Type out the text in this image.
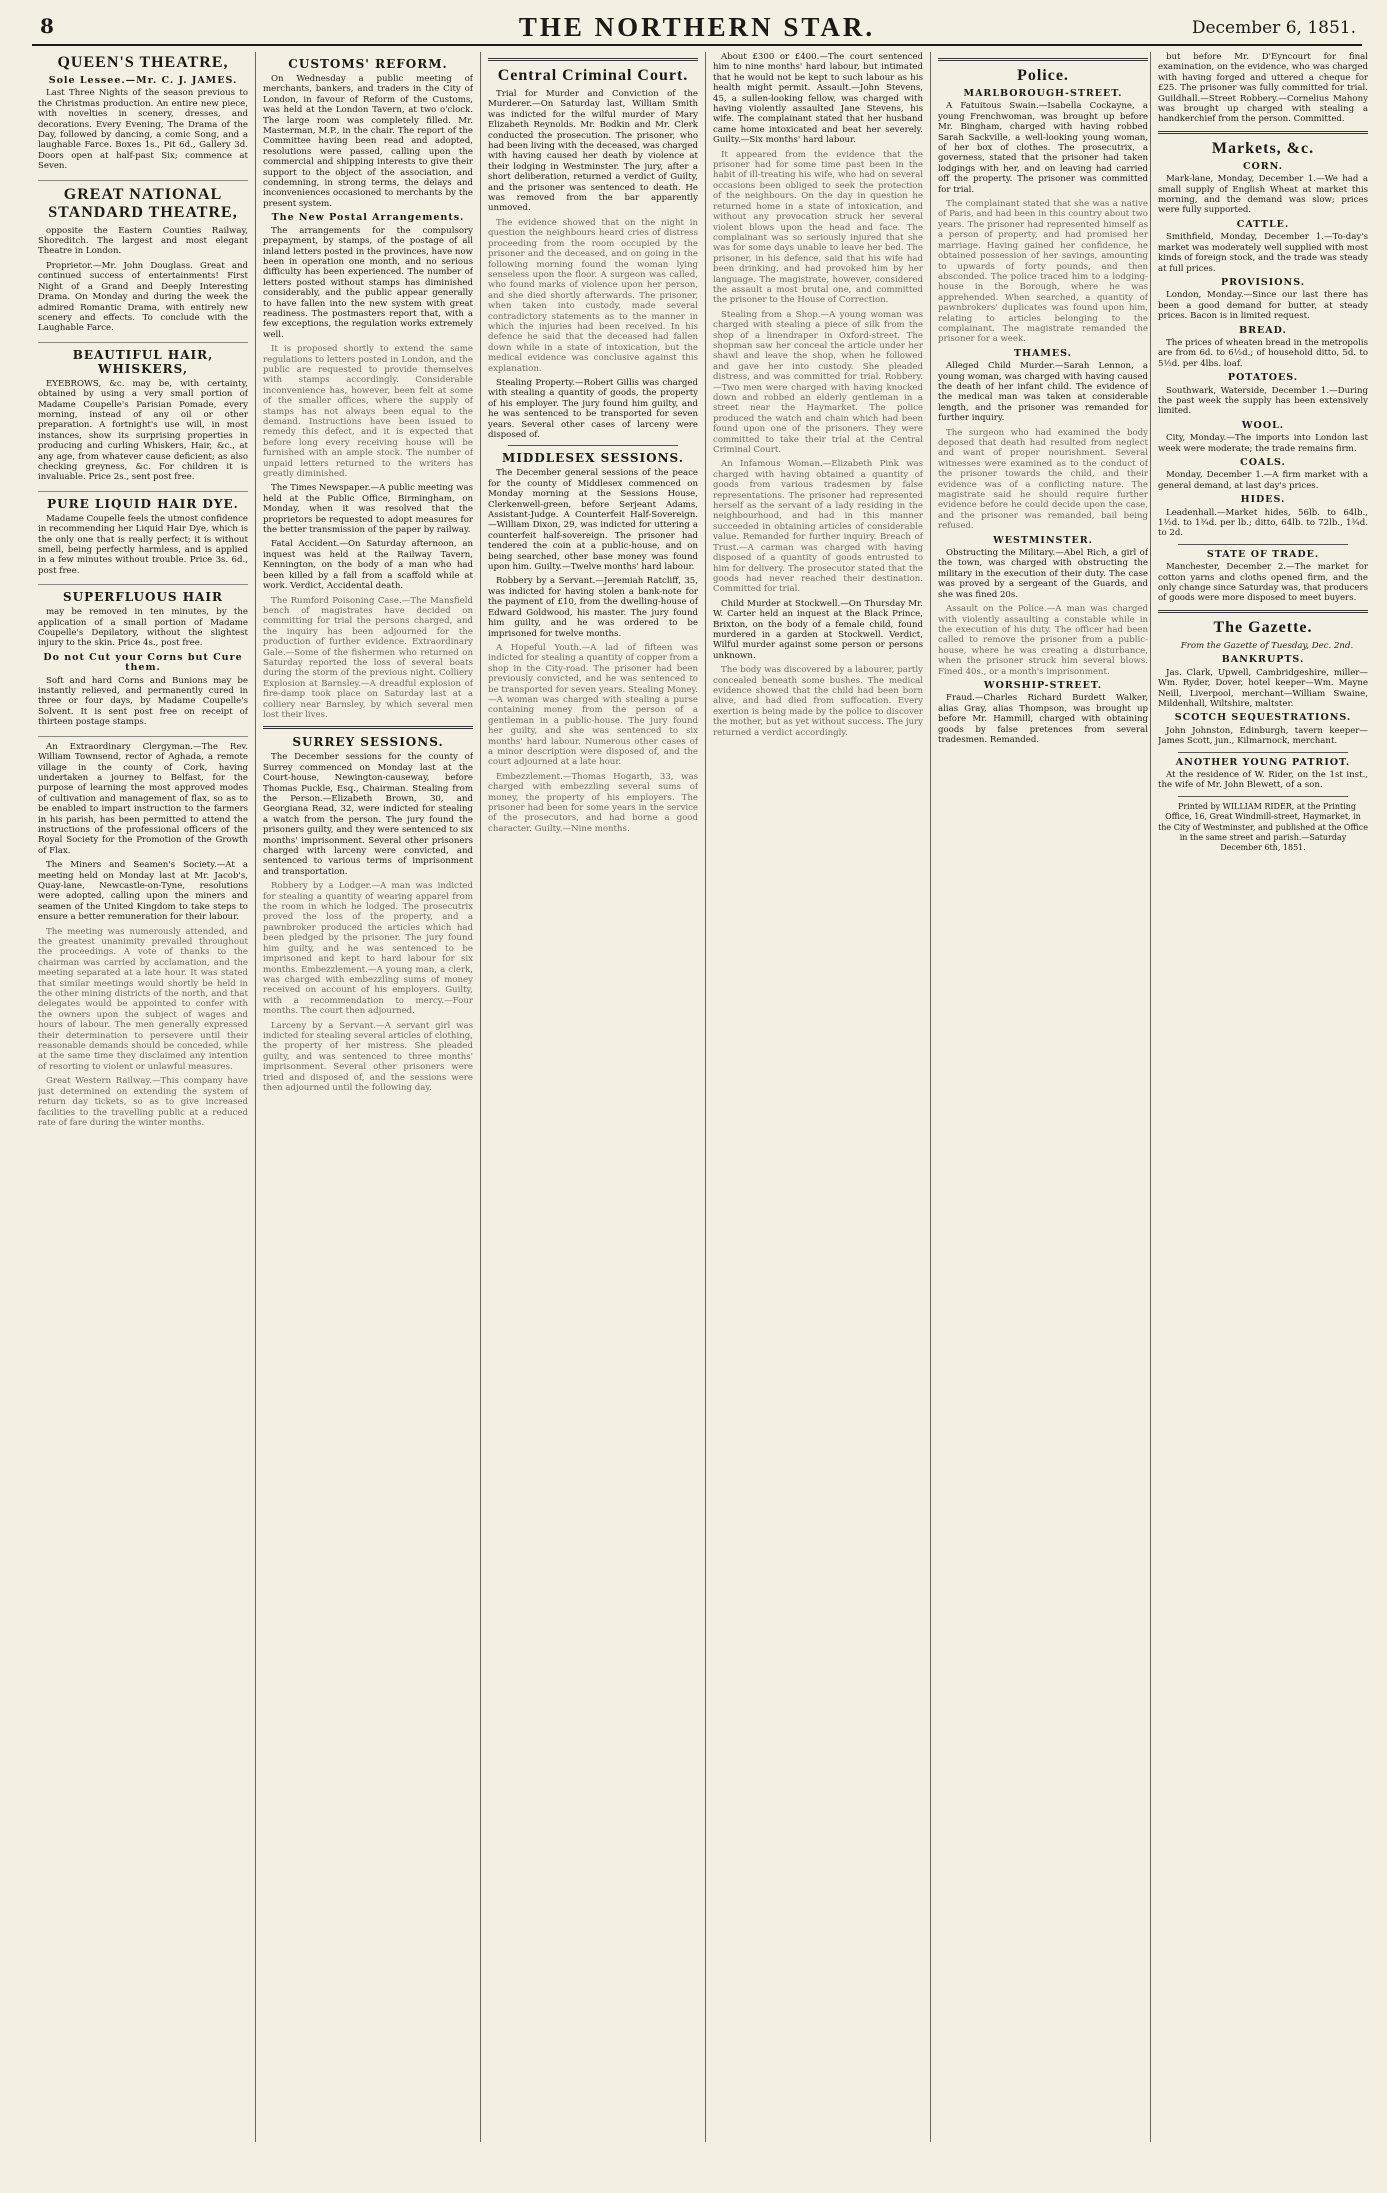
8	THE NORTHERN STAR.	December 6, 1851.
QUEEN'S THEATRE,
Sole Lessee.—Mr. C. J. JAMES.

Last Three Nights of the season previous to the Christmas production. An entire new piece, with novelties in scenery, dresses, and decorations. Every Evening, The Drama of the Day, followed by dancing, a comic Song, and a laughable Farce. Boxes 1s., Pit 6d., Gallery 3d. Doors open at half-past Six; commence at Seven.

GREAT NATIONAL STANDARD THEATRE,

opposite the Eastern Counties Railway, Shoreditch. The largest and most elegant Theatre in London.

Proprietor.—Mr. John Douglass. Great and continued success of entertainments! First Night of a Grand and Deeply Interesting Drama. On Monday and during the week the admired Romantic Drama, with entirely new scenery and effects. To conclude with the Laughable Farce.

BEAUTIFUL HAIR, WHISKERS,

EYEBROWS, &c. may be, with certainty, obtained by using a very small portion of Madame Coupelle's Parisian Pomade, every morning, instead of any oil or other preparation. A fortnight's use will, in most instances, show its surprising properties in producing and curling Whiskers, Hair, &c., at any age, from whatever cause deficient; as also checking greyness, &c. For children it is invaluable. Price 2s., sent post free.

PURE LIQUID HAIR DYE.

Madame Coupelle feels the utmost confidence in recommending her Liquid Hair Dye, which is the only one that is really perfect; it is without smell, being perfectly harmless, and is applied in a few minutes without trouble. Price 3s. 6d., post free.

SUPERFLUOUS HAIR

may be removed in ten minutes, by the application of a small portion of Madame Coupelle's Depilatory, without the slightest injury to the skin. Price 4s., post free.

Do not Cut your Corns but Cure them.

Soft and hard Corns and Bunions may be instantly relieved, and permanently cured in three or four days, by Madame Coupelle's Solvent. It is sent post free on receipt of thirteen postage stamps.

An Extraordinary Clergyman.—The Rev. William Townsend, rector of Aghada, a remote village in the county of Cork, having undertaken a journey to Belfast, for the purpose of learning the most approved modes of cultivation and management of flax, so as to be enabled to impart instruction to the farmers in his parish, has been permitted to attend the instructions of the professional officers of the Royal Society for the Promotion of the Growth of Flax.

The Miners and Seamen's Society.—At a meeting held on Monday last at Mr. Jacob's, Quay-lane, Newcastle-on-Tyne, resolutions were adopted, calling upon the miners and seamen of the United Kingdom to take steps to ensure a better remuneration for their labour.

The meeting was numerously attended, and the greatest unanimity prevailed throughout the proceedings. A vote of thanks to the chairman was carried by acclamation, and the meeting separated at a late hour. It was stated that similar meetings would shortly be held in the other mining districts of the north, and that delegates would be appointed to confer with the owners upon the subject of wages and hours of labour. The men generally expressed their determination to persevere until their reasonable demands should be conceded, while at the same time they disclaimed any intention of resorting to violent or unlawful measures.

Great Western Railway.—This company have just determined on extending the system of return day tickets, so as to give increased facilities to the travelling public at a reduced rate of fare during the winter months.

CUSTOMS' REFORM.

On Wednesday a public meeting of merchants, bankers, and traders in the City of London, in favour of Reform of the Customs, was held at the London Tavern, at two o'clock. The large room was completely filled. Mr. Masterman, M.P., in the chair. The report of the Committee having been read and adopted, resolutions were passed, calling upon the commercial and shipping interests to give their support to the object of the association, and condemning, in strong terms, the delays and inconveniences occasioned to merchants by the present system.

The New Postal Arrangements.

The arrangements for the compulsory prepayment, by stamps, of the postage of all inland letters posted in the provinces, have now been in operation one month, and no serious difficulty has been experienced. The number of letters posted without stamps has diminished considerably, and the public appear generally to have fallen into the new system with great readiness. The postmasters report that, with a few exceptions, the regulation works extremely well.

It is proposed shortly to extend the same regulations to letters posted in London, and the public are requested to provide themselves with stamps accordingly. Considerable inconvenience has, however, been felt at some of the smaller offices, where the supply of stamps has not always been equal to the demand. Instructions have been issued to remedy this defect, and it is expected that before long every receiving house will be furnished with an ample stock. The number of unpaid letters returned to the writers has greatly diminished.

The Times Newspaper.—A public meeting was held at the Public Office, Birmingham, on Monday, when it was resolved that the proprietors be requested to adopt measures for the better transmission of the paper by railway.

Fatal Accident.—On Saturday afternoon, an inquest was held at the Railway Tavern, Kennington, on the body of a man who had been killed by a fall from a scaffold while at work. Verdict, Accidental death.

The Rumford Poisoning Case.—The Mansfield bench of magistrates have decided on committing for trial the persons charged, and the inquiry has been adjourned for the production of further evidence. Extraordinary Gale.—Some of the fishermen who returned on Saturday reported the loss of several boats during the storm of the previous night. Colliery Explosion at Barnsley.—A dreadful explosion of fire-damp took place on Saturday last at a colliery near Barnsley, by which several men lost their lives.

SURREY SESSIONS.

The December sessions for the county of Surrey commenced on Monday last at the Court-house, Newington-causeway, before Thomas Puckle, Esq., Chairman. Stealing from the Person.—Elizabeth Brown, 30, and Georgiana Read, 32, were indicted for stealing a watch from the person. The jury found the prisoners guilty, and they were sentenced to six months' imprisonment. Several other prisoners charged with larceny were convicted, and sentenced to various terms of imprisonment and transportation.

Robbery by a Lodger.—A man was indicted for stealing a quantity of wearing apparel from the room in which he lodged. The prosecutrix proved the loss of the property, and a pawnbroker produced the articles which had been pledged by the prisoner. The jury found him guilty, and he was sentenced to be imprisoned and kept to hard labour for six months. Embezzlement.—A young man, a clerk, was charged with embezzling sums of money received on account of his employers. Guilty, with a recommendation to mercy.—Four months. The court then adjourned.

Larceny by a Servant.—A servant girl was indicted for stealing several articles of clothing, the property of her mistress. She pleaded guilty, and was sentenced to three months' imprisonment. Several other prisoners were tried and disposed of, and the sessions were then adjourned until the following day.

Central Criminal Court.

Trial for Murder and Conviction of the Murderer.—On Saturday last, William Smith was indicted for the wilful murder of Mary Elizabeth Reynolds. Mr. Bodkin and Mr. Clerk conducted the prosecution. The prisoner, who had been living with the deceased, was charged with having caused her death by violence at their lodging in Westminster. The jury, after a short deliberation, returned a verdict of Guilty, and the prisoner was sentenced to death. He was removed from the bar apparently unmoved.

The evidence showed that on the night in question the neighbours heard cries of distress proceeding from the room occupied by the prisoner and the deceased, and on going in the following morning found the woman lying senseless upon the floor. A surgeon was called, who found marks of violence upon her person, and she died shortly afterwards. The prisoner, when taken into custody, made several contradictory statements as to the manner in which the injuries had been received. In his defence he said that the deceased had fallen down while in a state of intoxication, but the medical evidence was conclusive against this explanation.

Stealing Property.—Robert Gillis was charged with stealing a quantity of goods, the property of his employer. The jury found him guilty, and he was sentenced to be transported for seven years. Several other cases of larceny were disposed of.

MIDDLESEX SESSIONS.

The December general sessions of the peace for the county of Middlesex commenced on Monday morning at the Sessions House, Clerkenwell-green, before Serjeant Adams, Assistant-Judge. A Counterfeit Half-Sovereign.—William Dixon, 29, was indicted for uttering a counterfeit half-sovereign. The prisoner had tendered the coin at a public-house, and on being searched, other base money was found upon him. Guilty.—Twelve months' hard labour.

Robbery by a Servant.—Jeremiah Ratcliff, 35, was indicted for having stolen a bank-note for the payment of £10, from the dwelling-house of Edward Goldwood, his master. The jury found him guilty, and he was ordered to be imprisoned for twelve months.

A Hopeful Youth.—A lad of fifteen was indicted for stealing a quantity of copper from a shop in the City-road. The prisoner had been previously convicted, and he was sentenced to be transported for seven years. Stealing Money.—A woman was charged with stealing a purse containing money from the person of a gentleman in a public-house. The jury found her guilty, and she was sentenced to six months' hard labour. Numerous other cases of a minor description were disposed of, and the court adjourned at a late hour.

Embezzlement.—Thomas Hogarth, 33, was charged with embezzling several sums of money, the property of his employers. The prisoner had been for some years in the service of the prosecutors, and had borne a good character. Guilty.—Nine months.

About £300 or £400.—The court sentenced him to nine months' hard labour, but intimated that he would not be kept to such labour as his health might permit. Assault.—John Stevens, 45, a sullen-looking fellow, was charged with having violently assaulted Jane Stevens, his wife. The complainant stated that her husband came home intoxicated and beat her severely. Guilty.—Six months' hard labour.

It appeared from the evidence that the prisoner had for some time past been in the habit of ill-treating his wife, who had on several occasions been obliged to seek the protection of the neighbours. On the day in question he returned home in a state of intoxication, and without any provocation struck her several violent blows upon the head and face. The complainant was so seriously injured that she was for some days unable to leave her bed. The prisoner, in his defence, said that his wife had been drinking, and had provoked him by her language. The magistrate, however, considered the assault a most brutal one, and committed the prisoner to the House of Correction.

Stealing from a Shop.—A young woman was charged with stealing a piece of silk from the shop of a linendraper in Oxford-street. The shopman saw her conceal the article under her shawl and leave the shop, when he followed and gave her into custody. She pleaded distress, and was committed for trial. Robbery.—Two men were charged with having knocked down and robbed an elderly gentleman in a street near the Haymarket. The police produced the watch and chain which had been found upon one of the prisoners. They were committed to take their trial at the Central Criminal Court.

An Infamous Woman.—Elizabeth Pink was charged with having obtained a quantity of goods from various tradesmen by false representations. The prisoner had represented herself as the servant of a lady residing in the neighbourhood, and had in this manner succeeded in obtaining articles of considerable value. Remanded for further inquiry. Breach of Trust.—A carman was charged with having disposed of a quantity of goods entrusted to him for delivery. The prosecutor stated that the goods had never reached their destination. Committed for trial.

Child Murder at Stockwell.—On Thursday Mr. W. Carter held an inquest at the Black Prince, Brixton, on the body of a female child, found murdered in a garden at Stockwell. Verdict, Wilful murder against some person or persons unknown.

The body was discovered by a labourer, partly concealed beneath some bushes. The medical evidence showed that the child had been born alive, and had died from suffocation. Every exertion is being made by the police to discover the mother, but as yet without success. The jury returned a verdict accordingly.

Police.
MARLBOROUGH-STREET.

A Fatuitous Swain.—Isabella Cockayne, a young Frenchwoman, was brought up before Mr. Bingham, charged with having robbed Sarah Sackville, a well-looking young woman, of her box of clothes. The prosecutrix, a governess, stated that the prisoner had taken lodgings with her, and on leaving had carried off the property. The prisoner was committed for trial.

The complainant stated that she was a native of Paris, and had been in this country about two years. The prisoner had represented himself as a person of property, and had promised her marriage. Having gained her confidence, he obtained possession of her savings, amounting to upwards of forty pounds, and then absconded. The police traced him to a lodging-house in the Borough, where he was apprehended. When searched, a quantity of pawnbrokers' duplicates was found upon him, relating to articles belonging to the complainant. The magistrate remanded the prisoner for a week.

THAMES.

Alleged Child Murder.—Sarah Lennon, a young woman, was charged with having caused the death of her infant child. The evidence of the medical man was taken at considerable length, and the prisoner was remanded for further inquiry.

The surgeon who had examined the body deposed that death had resulted from neglect and want of proper nourishment. Several witnesses were examined as to the conduct of the prisoner towards the child, and their evidence was of a conflicting nature. The magistrate said he should require further evidence before he could decide upon the case, and the prisoner was remanded, bail being refused.

WESTMINSTER.

Obstructing the Military.—Abel Rich, a girl of the town, was charged with obstructing the military in the execution of their duty. The case was proved by a sergeant of the Guards, and she was fined 20s.

Assault on the Police.—A man was charged with violently assaulting a constable while in the execution of his duty. The officer had been called to remove the prisoner from a public-house, where he was creating a disturbance, when the prisoner struck him several blows. Fined 40s., or a month's imprisonment.

WORSHIP-STREET.

Fraud.—Charles Richard Burdett Walker, alias Gray, alias Thompson, was brought up before Mr. Hammill, charged with obtaining goods by false pretences from several tradesmen. Remanded.

but before Mr. D'Eyncourt for final examination, on the evidence, who was charged with having forged and uttered a cheque for £25. The prisoner was fully committed for trial. Guildhall.—Street Robbery.—Cornelius Mahony was brought up charged with stealing a handkerchief from the person. Committed.

Markets, &c.
CORN.

Mark-lane, Monday, December 1.—We had a small supply of English Wheat at market this morning, and the demand was slow; prices were fully supported.

CATTLE.

Smithfield, Monday, December 1.—To-day's market was moderately well supplied with most kinds of foreign stock, and the trade was steady at full prices.

PROVISIONS.

London, Monday.—Since our last there has been a good demand for butter, at steady prices. Bacon is in limited request.

BREAD.

The prices of wheaten bread in the metropolis are from 6d. to 6½d.; of household ditto, 5d. to 5½d. per 4lbs. loaf.

POTATOES.

Southwark, Waterside, December 1.—During the past week the supply has been extensively limited.

WOOL.

City, Monday.—The imports into London last week were moderate; the trade remains firm.

COALS.

Monday, December 1.—A firm market with a general demand, at last day's prices.

HIDES.

Leadenhall.—Market hides, 56lb. to 64lb., 1½d. to 1¾d. per lb.; ditto, 64lb. to 72lb., 1¾d. to 2d.

STATE OF TRADE.

Manchester, December 2.—The market for cotton yarns and cloths opened firm, and the only change since Saturday was, that producers of goods were more disposed to meet buyers.

The Gazette.

From the Gazette of Tuesday, Dec. 2nd.

BANKRUPTS.

Jas. Clark, Upwell, Cambridgeshire, miller—Wm. Ryder, Dover, hotel keeper—Wm. Mayne Neill, Liverpool, merchant—William Swaine, Mildenhall, Wiltshire, maltster.

SCOTCH SEQUESTRATIONS.

John Johnston, Edinburgh, tavern keeper—James Scott, jun., Kilmarnock, merchant.

ANOTHER YOUNG PATRIOT.

At the residence of W. Rider, on the 1st inst., the wife of Mr. John Blewett, of a son.

Printed by WILLIAM RIDER, at the Printing Office, 16, Great Windmill-street, Haymarket, in the City of Westminster, and published at the Office in the same street and parish.—Saturday December 6th, 1851.
